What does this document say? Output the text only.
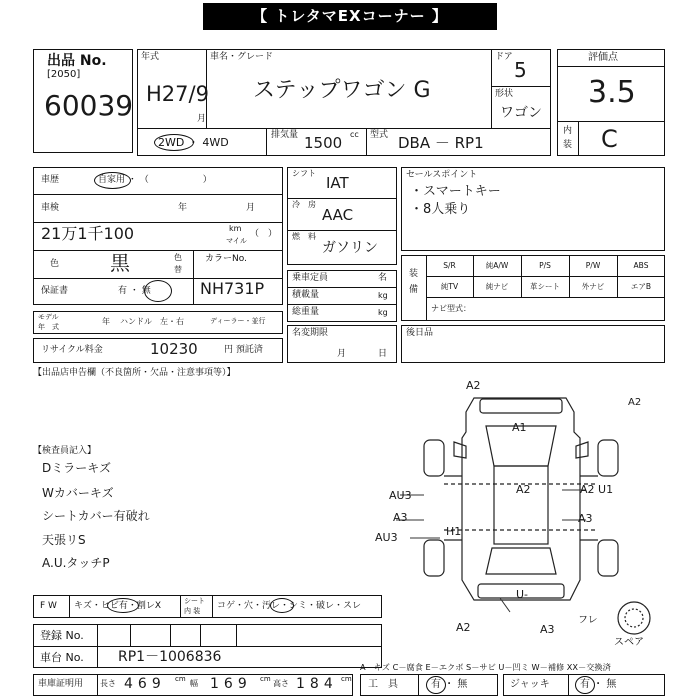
【 トレタマEXコーナー 】
出品 No.
[2050]
60039
年式
H27/9
月
車名・グレード
ステップワゴン G
ドア
5
形状
ワゴン
2WD ・ 4WD
排気量 1500 cc 型式 DBA － RP1
評価点
3.5
内
装 C
車歴	自家用 ・ （　　　　　　）
車検	年	月
21万1千100	km
マイル
（　）
色	黒	色
替
カラーNo.
NH731P
保証書	有 ・ 無
モデル
年　式
年 ハンドル　左・右	ディーラー・並行
リサイクル料金	10230	円 預託済
シフト
IAT
冷　房
AAC
燃　料
ガソリン
乗車定員	名
積載量	kg
総重量	kg
名変期限
月	日
セールスポイント
・スマートキー
・8人乗り
装
備
S/R	純A/W	P/S	P/W	ABS
純TV	純ナビ	革シート	外ナビ	エアB
ナビ型式：
後日品
【出品店申告欄（不良箇所・欠品・注意事項等）】
【検査員記入】
Dミラーキズ
Wカバーキズ
シートカバー有破れ
天張リS
A.U.タッチP
A2
A1
A2	A2 U1
A3
AU3
A3
AU3	H1
U-
A2	A3
フレ
A2
スペア
F W キズ・ヒビ有・割レX	シート
内 装 コゲ・穴・汚レ・シミ・破レ・スレ
登録 No.
車台 No. RP1－1006836
A－キズ C－腐食 E－エクボ S－サビ U－凹ミ W－補修 XX－交換済
車庫証明用 長さ 469 cm 幅 169 cm 高さ 184 cm 工　具	有 ・ 無	ジャッキ	有 ・ 無
